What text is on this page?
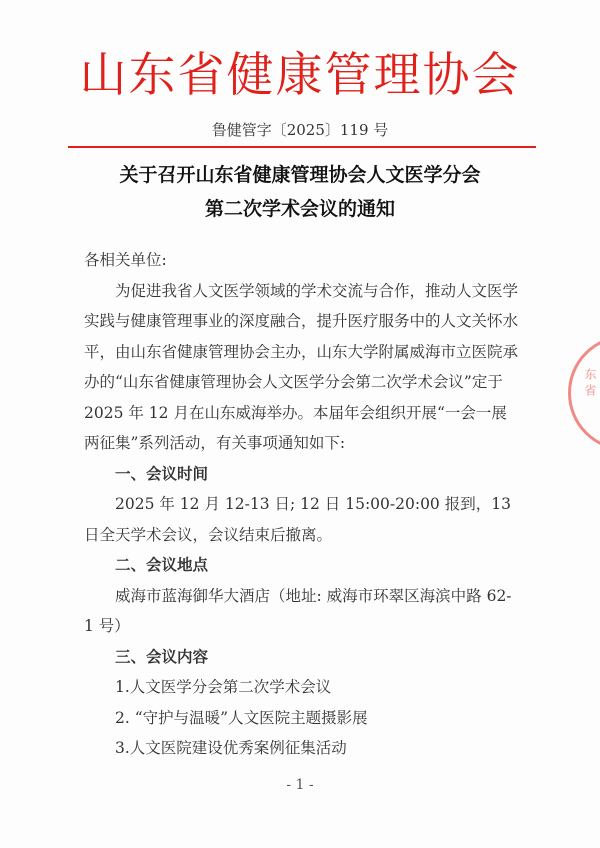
山东省健康管理协会
鲁健管字〔2025〕119 号
关于召开山东省健康管理协会人文医学分会
第二次学术会议的通知

各相关单位:

为促进我省人文医学领域的学术交流与合作，推动人文医学实践与健康管理事业的深度融合，提升医疗服务中的人文关怀水平，由山东省健康管理协会主办，山东大学附属威海市立医院承办的“山东省健康管理协会人文医学分会第二次学术会议”定于 2025 年 12 月在山东威海举办。本届年会组织开展“一会一展两征集”系列活动，有关事项通知如下:

一、会议时间

2025 年 12 月 12-13 日; 12 日 15:00-20:00 报到，13 日全天学术会议，会议结束后撤离。

二、会议地点

威海市蓝海御华大酒店（地址: 威海市环翠区海滨中路 62-1 号）

三、会议内容

1.人文医学分会第二次学术会议

2. “守护与温暖”人文医院主题摄影展

3.人文医院建设优秀案例征集活动

- 1 -
东 省
